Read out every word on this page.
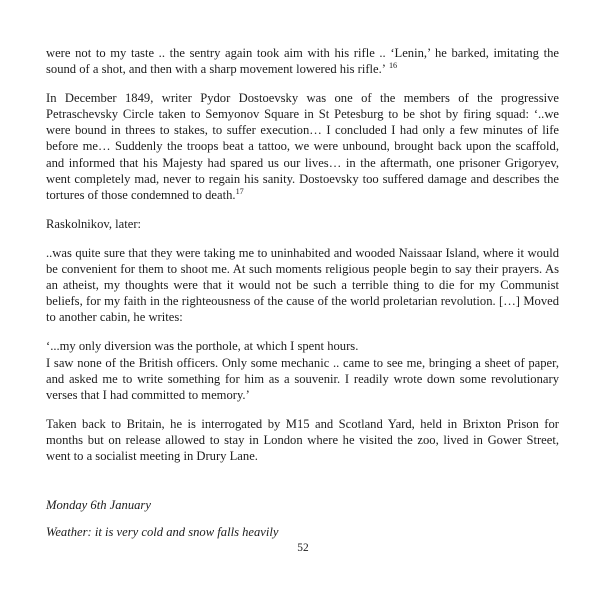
were not to my taste .. the sentry again took aim with his rifle .. ‘Lenin,’ he barked, imitating the sound of a shot, and then with a sharp movement lowered his rifle.’ $^{16}$

In December 1849, writer Pydor Dostoevsky was one of the members of the progressive Petraschevsky Circle taken to Semyonov Square in St Petesburg to be shot by firing squad: ‘..we were bound in threes to stakes, to suffer execution… I concluded I had only a few minutes of life before me… Suddenly the troops beat a tattoo, we were unbound, brought back upon the scaffold, and informed that his Majesty had spared us our lives… in the aftermath, one prisoner Grigoryev, went completely mad, never to regain his sanity. Dostoevsky too suffered damage and describes the tortures of those condemned to death.$^{17}$

Raskolnikov, later:

..was quite sure that they were taking me to uninhabited and wooded Naissaar Island, where it would be convenient for them to shoot me. At such moments religious people begin to say their prayers. As an atheist, my thoughts were that it would not be such a terrible thing to die for my Communist beliefs, for my faith in the righteousness of the cause of the world proletarian revolution. […] Moved to another cabin, he writes:

‘...my only diversion was the porthole, at which I spent hours.

I saw none of the British officers. Only some mechanic .. came to see me, bringing a sheet of paper, and asked me to write something for him as a souvenir. I readily wrote down some revolutionary verses that I had committed to memory.’

Taken back to Britain, he is interrogated by M15 and Scotland Yard, held in Brixton Prison for months but on release allowed to stay in London where he visited the zoo, lived in Gower Street, went to a socialist meeting in Drury Lane.

Monday 6th January

Weather: it is very cold and snow falls heavily

52
